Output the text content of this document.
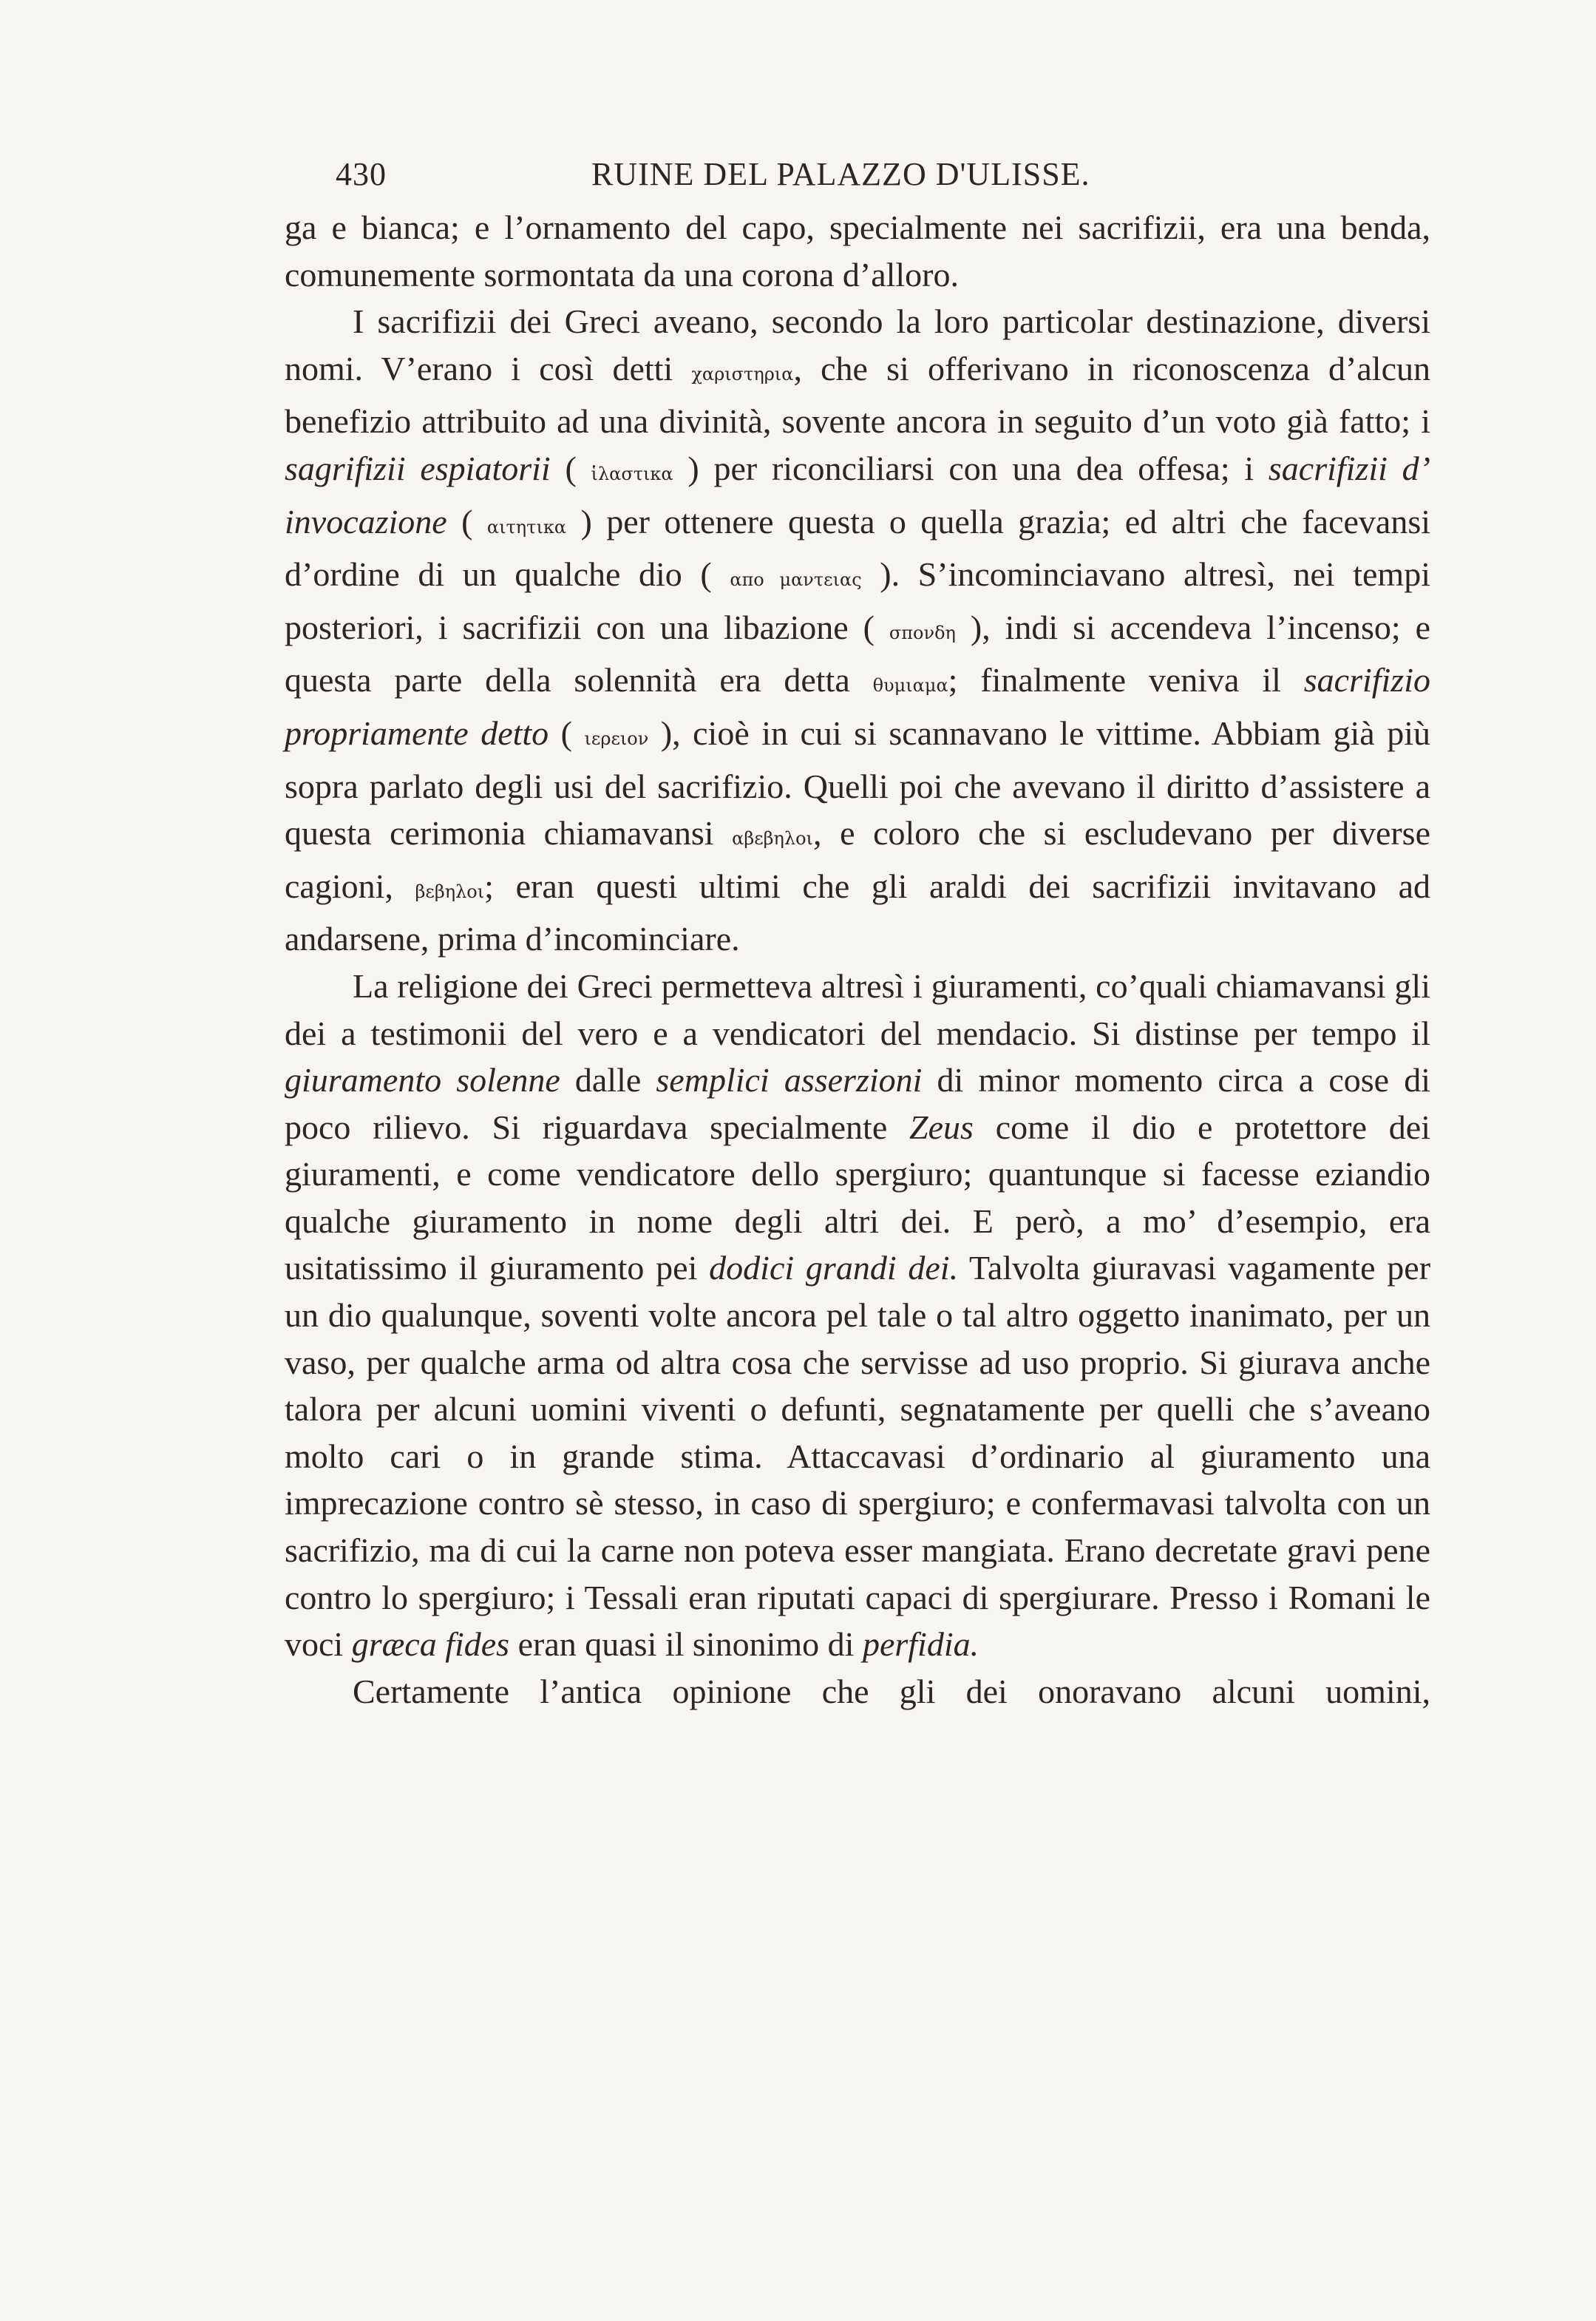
430	RUINE DEL PALAZZO D'ULISSE.

ga e bianca; e l’ornamento del capo, specialmente nei sacrifizii, era una benda, comunemente sormontata da una corona d’alloro.

I sacrifizii dei Greci aveano, secondo la loro particolar destinazione, diversi nomi. V’erano i così detti χαριστηρια, che si offerivano in riconoscenza d’alcun benefizio attribuito ad una divinità, sovente ancora in seguito d’un voto già fatto; i sagrifizii espiatorii ( ἱλαστικα ) per riconciliarsi con una dea offesa; i sacrifizii d’ invocazione ( αιτητικα ) per ottenere questa o quella grazia; ed altri che facevansi d’ordine di un qualche dio ( απο μαντειας ). S’incominciavano altresì, nei tempi posteriori, i sacrifizii con una libazione ( σπονδη ), indi si accendeva l’incenso; e questa parte della solennità era detta θυμιαμα; finalmente veniva il sacrifizio propriamente detto ( ιερειον ), cioè in cui si scannavano le vittime. Abbiam già più sopra parlato degli usi del sacrifizio. Quelli poi che avevano il diritto d’assistere a questa cerimonia chiamavansi αβεβηλοι, e coloro che si escludevano per diverse cagioni, βεβηλοι; eran questi ultimi che gli araldi dei sacrifizii invitavano ad andarsene, prima d’incominciare.

La religione dei Greci permetteva altresì i giuramenti, co’quali chiamavansi gli dei a testimonii del vero e a vendicatori del mendacio. Si distinse per tempo il giuramento solenne dalle semplici asserzioni di minor momento circa a cose di poco rilievo. Si riguardava specialmente Zeus come il dio e protettore dei giuramenti, e come vendicatore dello spergiuro; quantunque si facesse eziandio qualche giuramento in nome degli altri dei. E però, a mo’ d’esempio, era usitatissimo il giuramento pei dodici grandi dei. Talvolta giuravasi vagamente per un dio qualunque, soventi volte ancora pel tale o tal altro oggetto inanimato, per un vaso, per qualche arma od altra cosa che servisse ad uso proprio. Si giurava anche talora per alcuni uomini viventi o defunti, segnatamente per quelli che s’aveano molto cari o in grande stima. Attaccavasi d’ordinario al giuramento una imprecazione contro sè stesso, in caso di spergiuro; e confermavasi talvolta con un sacrifizio, ma di cui la carne non poteva esser mangiata. Erano decretate gravi pene contro lo spergiuro; i Tessali eran riputati capaci di spergiurare. Presso i Romani le voci græca fides eran quasi il sinonimo di perfidia.

Certamente l’antica opinione che gli dei onoravano alcuni uomini,
